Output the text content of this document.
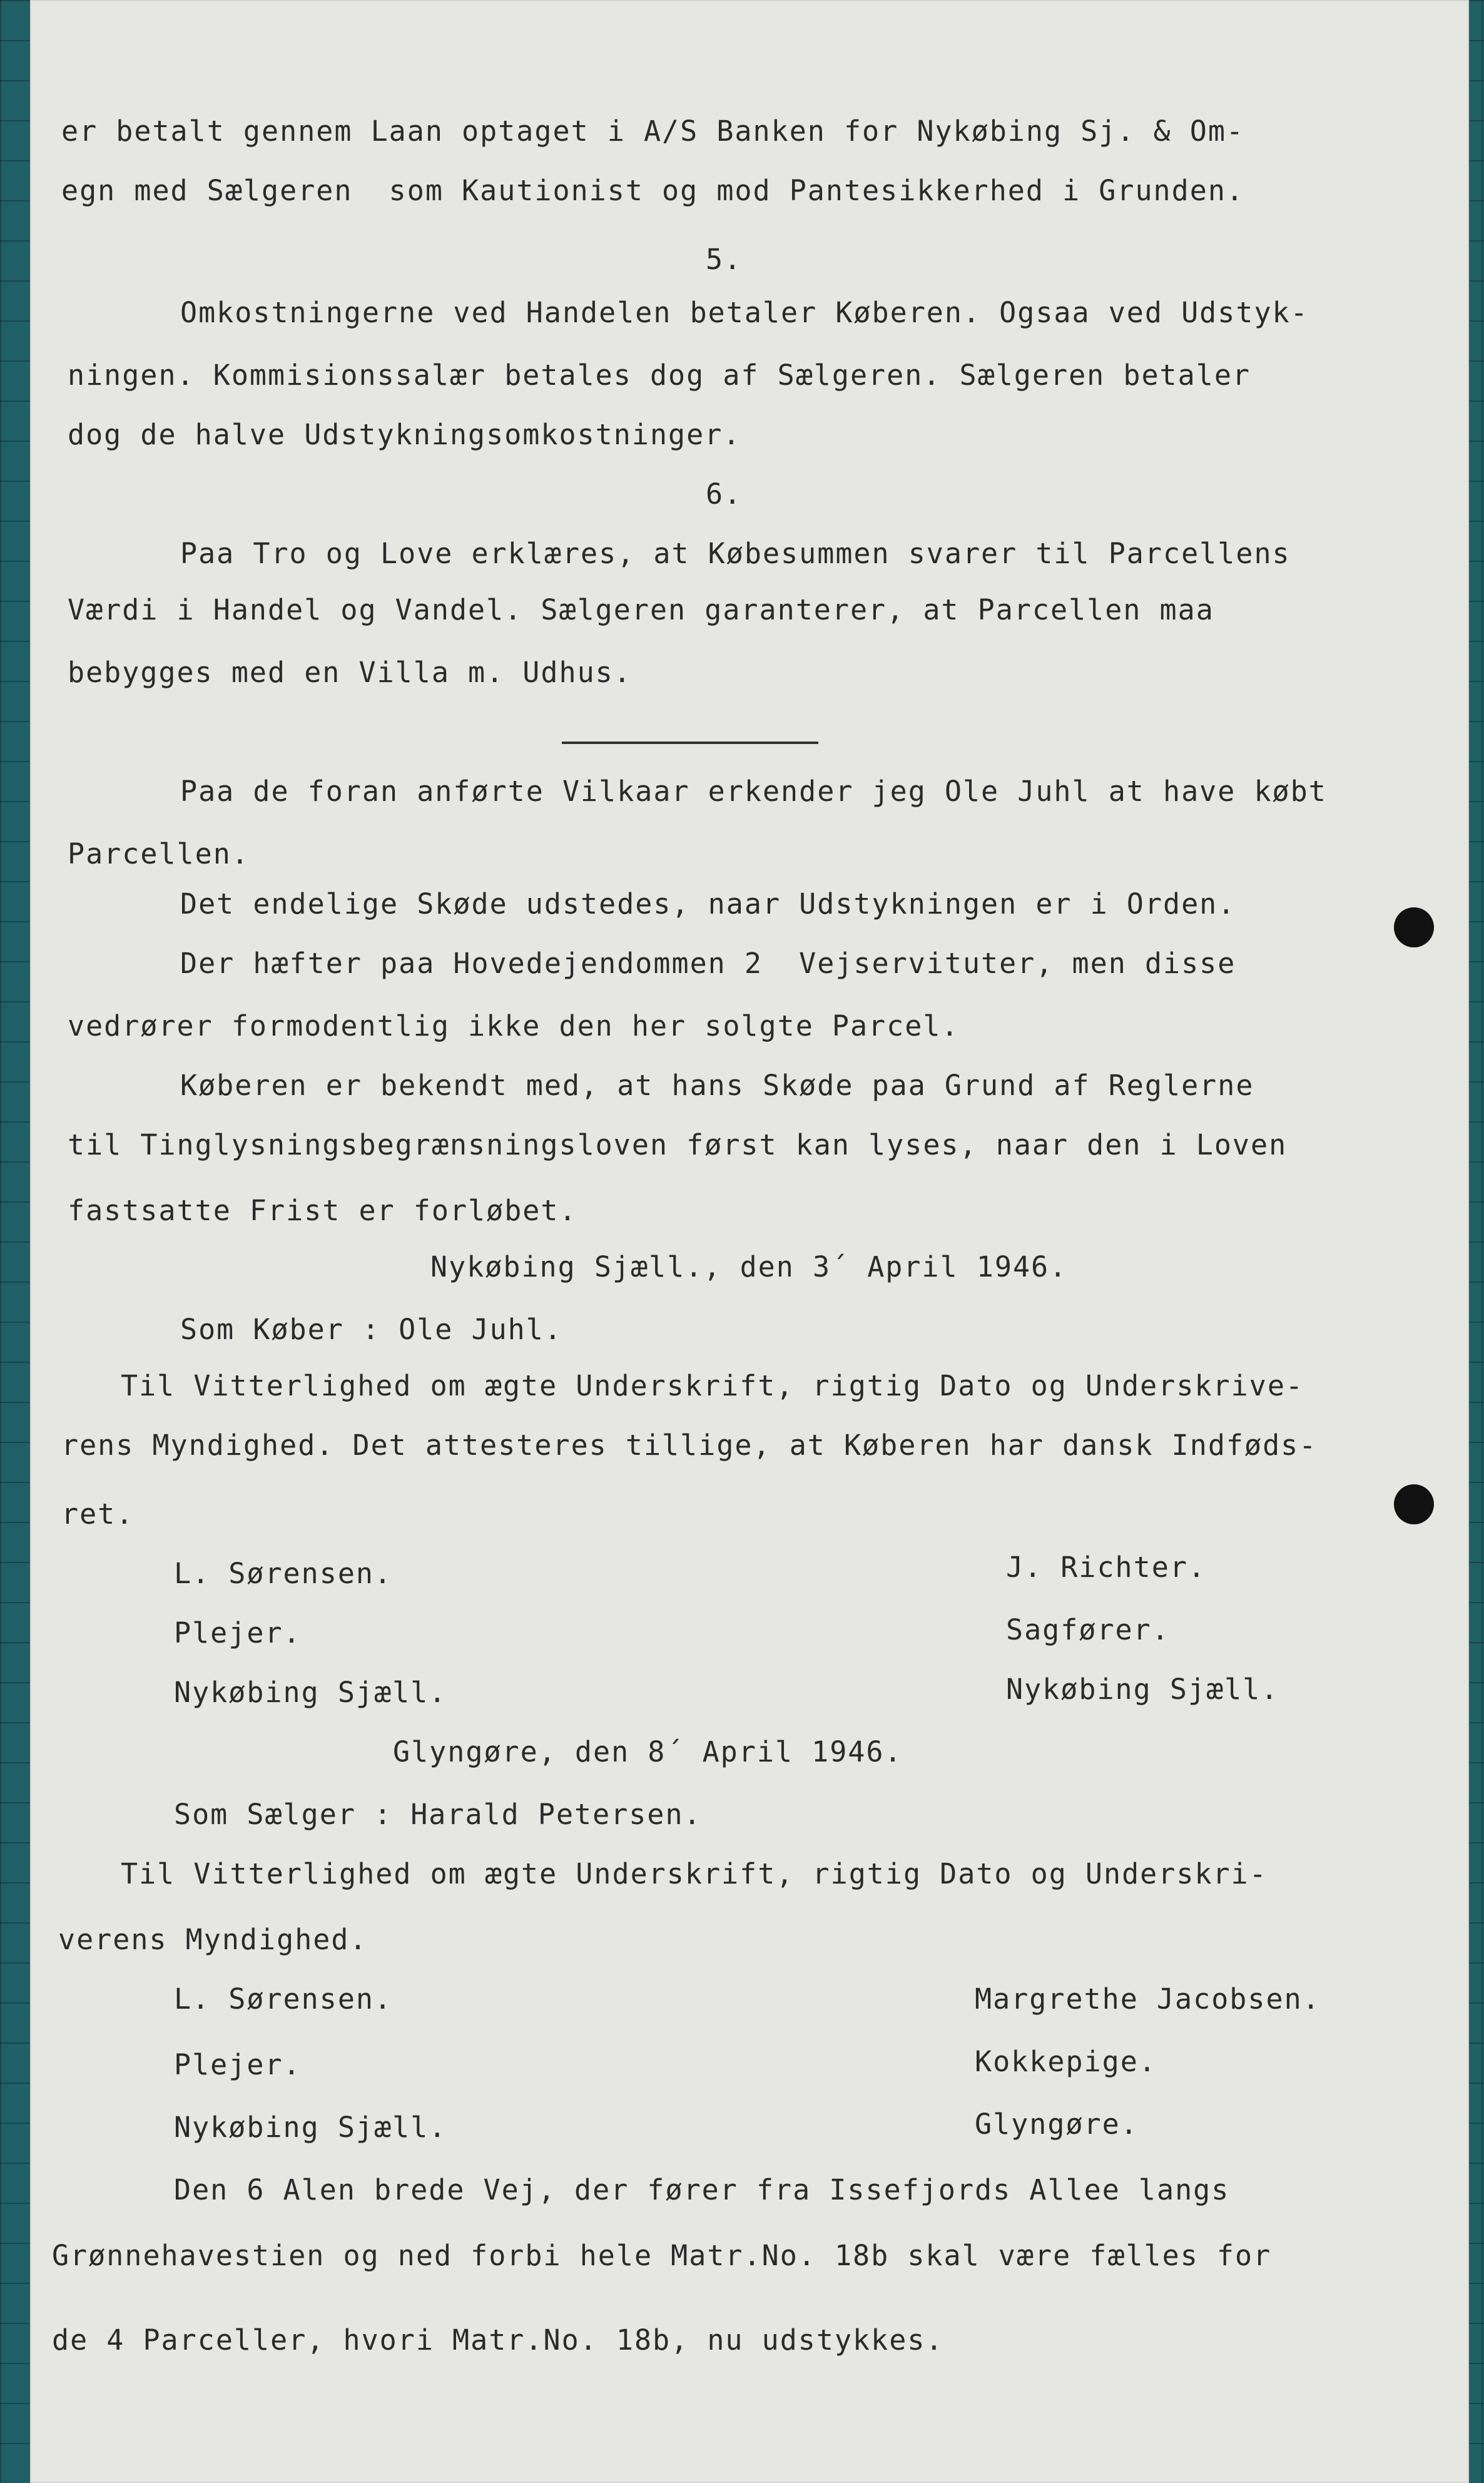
er betalt gennem Laan optaget i A/S Banken for Nykøbing Sj. & Om-
egn med Sælgeren  som Kautionist og mod Pantesikkerhed i Grunden.
5.
Omkostningerne ved Handelen betaler Køberen. Ogsaa ved Udstyk-
ningen. Kommisionssalær betales dog af Sælgeren. Sælgeren betaler
dog de halve Udstykningsomkostninger.
6.
Paa Tro og Love erklæres, at Købesummen svarer til Parcellens
Værdi i Handel og Vandel. Sælgeren garanterer, at Parcellen maa
bebygges med en Villa m. Udhus.
Paa de foran anførte Vilkaar erkender jeg Ole Juhl at have købt
Parcellen.
Det endelige Skøde udstedes, naar Udstykningen er i Orden.
Der hæfter paa Hovedejendommen 2  Vejservituter, men disse
vedrører formodentlig ikke den her solgte Parcel.
Køberen er bekendt med, at hans Skøde paa Grund af Reglerne
til Tinglysningsbegrænsningsloven først kan lyses, naar den i Loven
fastsatte Frist er forløbet.
Nykøbing Sjæll., den 3´ April 1946.
Som Køber : Ole Juhl.
Til Vitterlighed om ægte Underskrift, rigtig Dato og Underskrive-
rens Myndighed. Det attesteres tillige, at Køberen har dansk Indføds-
ret.
L. Sørensen.
Plejer.
Nykøbing Sjæll.
J. Richter.
Sagfører.
Nykøbing Sjæll.
Glyngøre, den 8´ April 1946.
Som Sælger : Harald Petersen.
Til Vitterlighed om ægte Underskrift, rigtig Dato og Underskri-
verens Myndighed.
L. Sørensen.
Plejer.
Nykøbing Sjæll.
Margrethe Jacobsen.
Kokkepige.
Glyngøre.
Den 6 Alen brede Vej, der fører fra Issefjords Allee langs
Grønnehavestien og ned forbi hele Matr.No. 18b skal være fælles for
de 4 Parceller, hvori Matr.No. 18b, nu udstykkes.
